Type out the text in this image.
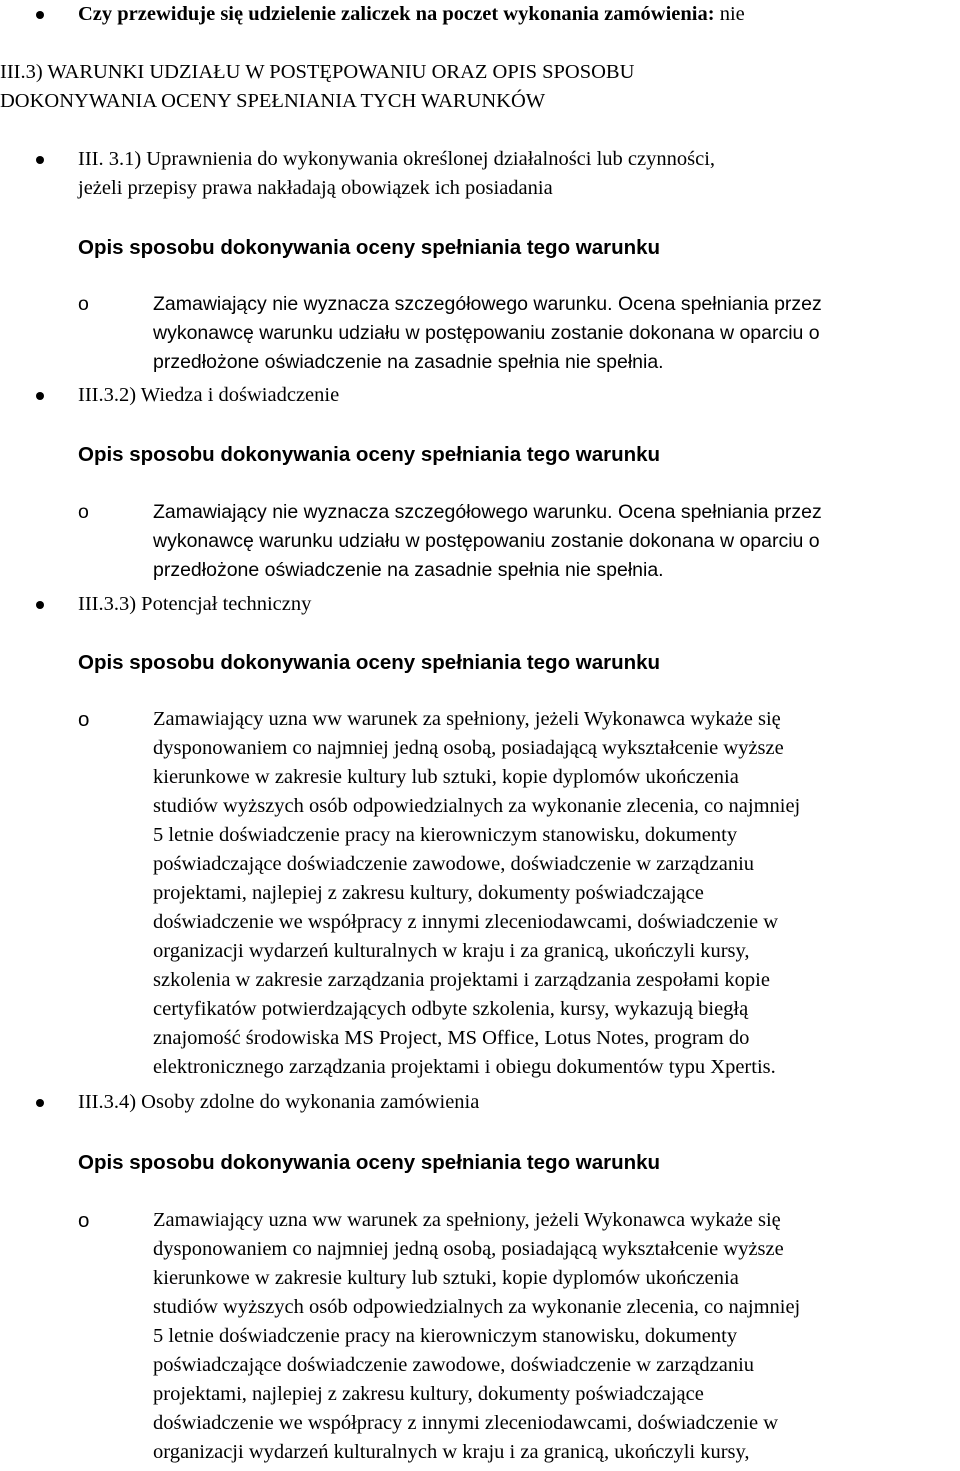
Czy przewiduje się udzielenie zaliczek na poczet wykonania zamówienia: nie
III.3) WARUNKI UDZIAŁU W POSTĘPOWANIU ORAZ OPIS SPOSOBU
DOKONYWANIA OCENY SPEŁNIANIA TYCH WARUNKÓW
III. 3.1) Uprawnienia do wykonywania określonej działalności lub czynności,
jeżeli przepisy prawa nakładają obowiązek ich posiadania
Opis sposobu dokonywania oceny spełniania tego warunku
o	Zamawiający nie wyznacza szczegółowego warunku. Ocena spełniania przez
wykonawcę warunku udziału w postępowaniu zostanie dokonana w oparciu o
przedłożone oświadczenie na zasadnie spełnia nie spełnia.
III.3.2) Wiedza i doświadczenie
Opis sposobu dokonywania oceny spełniania tego warunku
o	Zamawiający nie wyznacza szczegółowego warunku. Ocena spełniania przez
wykonawcę warunku udziału w postępowaniu zostanie dokonana w oparciu o
przedłożone oświadczenie na zasadnie spełnia nie spełnia.
III.3.3) Potencjał techniczny
Opis sposobu dokonywania oceny spełniania tego warunku
o	Zamawiający uzna ww warunek za spełniony, jeżeli Wykonawca wykaże się
dysponowaniem co najmniej jedną osobą, posiadającą wykształcenie wyższe
kierunkowe w zakresie kultury lub sztuki, kopie dyplomów ukończenia
studiów wyższych osób odpowiedzialnych za wykonanie zlecenia, co najmniej
5 letnie doświadczenie pracy na kierowniczym stanowisku, dokumenty
poświadczające doświadczenie zawodowe, doświadczenie w zarządzaniu
projektami, najlepiej z zakresu kultury, dokumenty poświadczające
doświadczenie we współpracy z innymi zleceniodawcami, doświadczenie w
organizacji wydarzeń kulturalnych w kraju i za granicą, ukończyli kursy,
szkolenia w zakresie zarządzania projektami i zarządzania zespołami kopie
certyfikatów potwierdzających odbyte szkolenia, kursy, wykazują biegłą
znajomość środowiska MS Project, MS Office, Lotus Notes, program do
elektronicznego zarządzania projektami i obiegu dokumentów typu Xpertis.
III.3.4) Osoby zdolne do wykonania zamówienia
Opis sposobu dokonywania oceny spełniania tego warunku
o	Zamawiający uzna ww warunek za spełniony, jeżeli Wykonawca wykaże się
dysponowaniem co najmniej jedną osobą, posiadającą wykształcenie wyższe
kierunkowe w zakresie kultury lub sztuki, kopie dyplomów ukończenia
studiów wyższych osób odpowiedzialnych za wykonanie zlecenia, co najmniej
5 letnie doświadczenie pracy na kierowniczym stanowisku, dokumenty
poświadczające doświadczenie zawodowe, doświadczenie w zarządzaniu
projektami, najlepiej z zakresu kultury, dokumenty poświadczające
doświadczenie we współpracy z innymi zleceniodawcami, doświadczenie w
organizacji wydarzeń kulturalnych w kraju i za granicą, ukończyli kursy,
